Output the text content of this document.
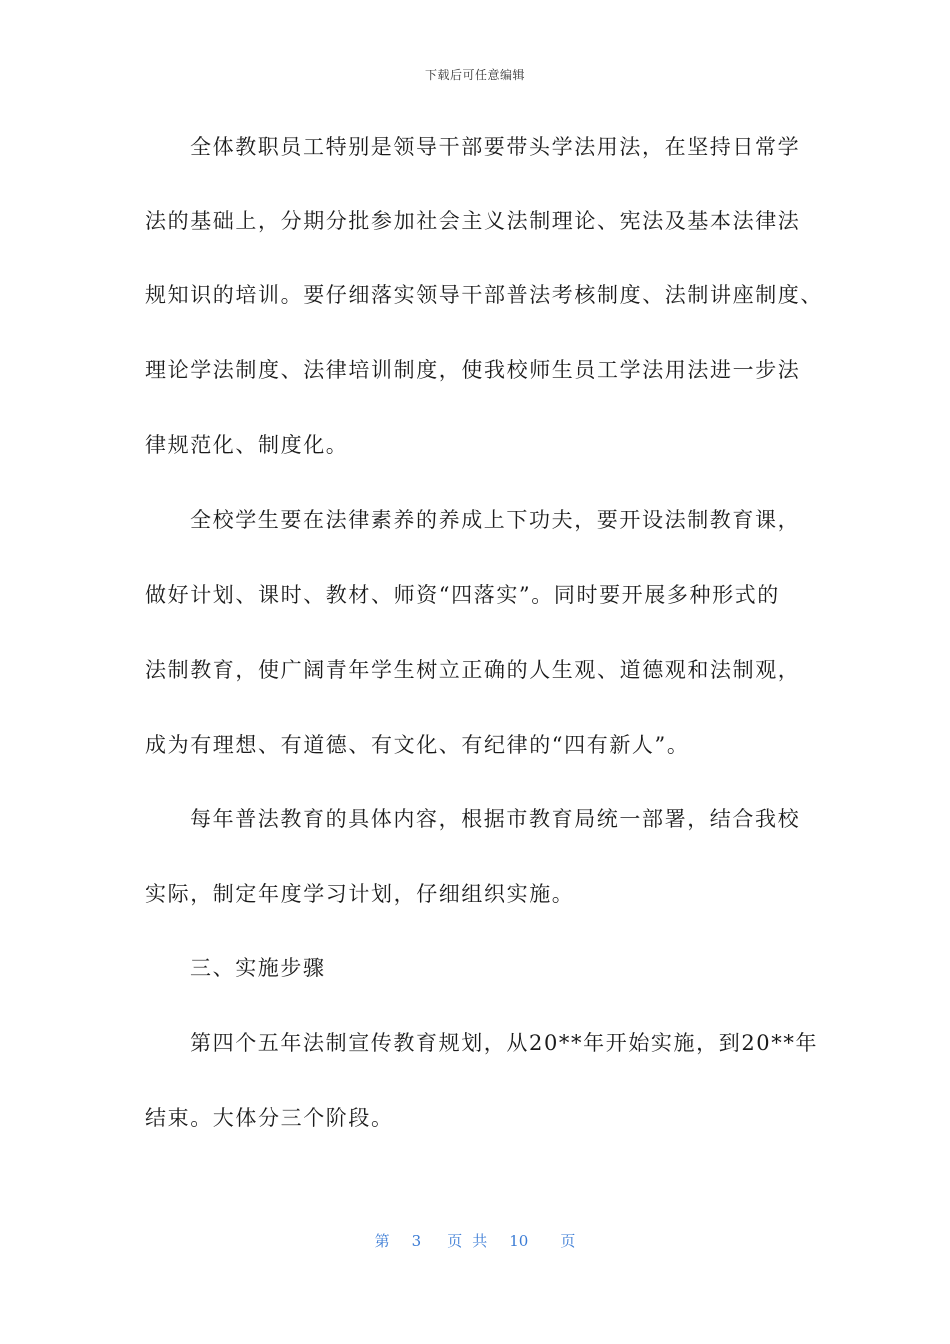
下载后可任意编辑
全体教职员工特别是领导干部要带头学法用法，在坚持日常学
法的基础上，分期分批参加社会主义法制理论、宪法及基本法律法
规知识的培训。要仔细落实领导干部普法考核制度、法制讲座制度、
理论学法制度、法律培训制度，使我校师生员工学法用法进一步法
律规范化、制度化。
全校学生要在法律素养的养成上下功夫，要开设法制教育课，
做好计划、课时、教材、师资“四落实”。同时要开展多种形式的
法制教育，使广阔青年学生树立正确的人生观、道德观和法制观，
成为有理想、有道德、有文化、有纪律的“四有新人”。
每年普法教育的具体内容，根据市教育局统一部署，结合我校
实际，制定年度学习计划，仔细组织实施。
三、实施步骤
第四个五年法制宣传教育规划，从20**年开始实施，到20**年
结束。大体分三个阶段。
第 3 页 共 10 页
